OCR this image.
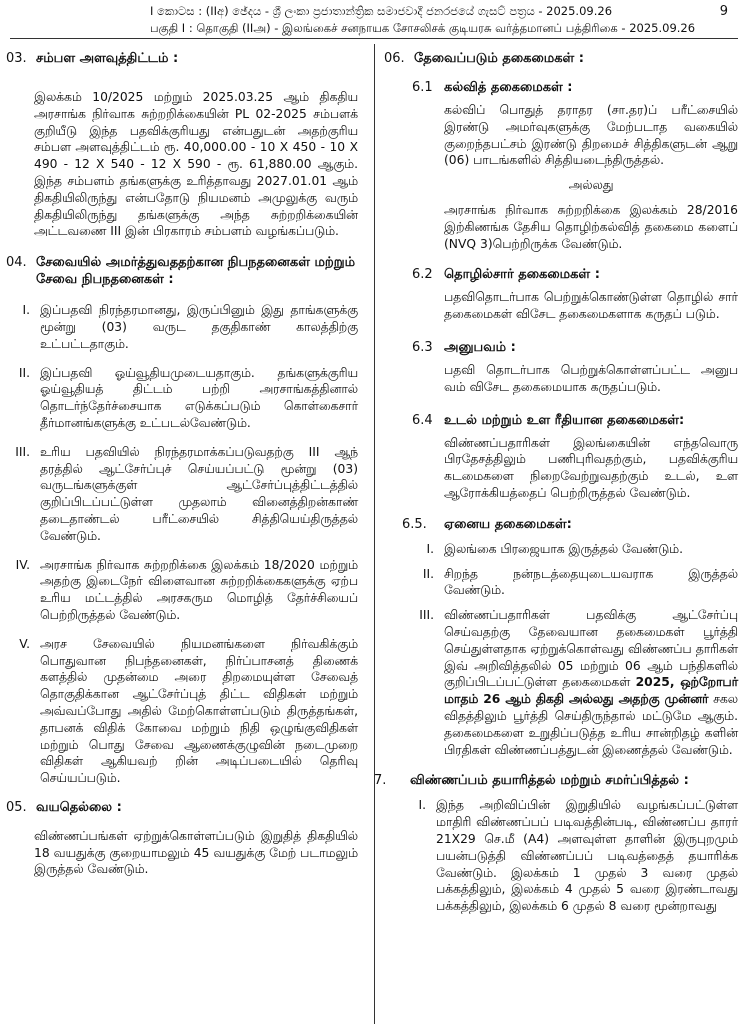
I කොටස : (IIඅ) ඡේදය - ශ්‍රී ලංකා ප්‍රජාතාන්ත්‍රික සමාජවාදී ජනරජයේ ගැසට් පත්‍රය - 2025.09.26
பகுதி I : தொகுதி (IIஅ) - இலங்கைச் சனநாயக சோசலிசக் குடியரசு வர்த்தமானப் பத்திரிகை - 2025.09.26
9
03. சம்பள அளவுத்திட்டம் :

இலக்கம் 10/2025 மற்றும் 2025.03.25 ஆம் திகதிய அரசாங்க நிர்வாக சுற்றறிக்கையின் PL 02-2025 சம்பளக் குறியீடு இந்த பதவிக்குரியது என்பதுடன் அதற்குரிய சம்பள அளவுத்திட்டம் ரூ. 40,000.00 - 10 X 450 - 10 X 490 - 12 X 540 - 12 X 590 - ரூ. 61,880.00 ஆகும். இந்த சம்பளம் தங்களுக்கு உரித்தாவது 2027.01.01 ஆம் திகதியிலிருந்து என்பதோடு நியமனம் அமுலுக்கு வரும் திகதியிலிருந்து தங்களுக்கு அந்த சுற்றறிக்கையின் அட்டவணை III இன் பிரகாரம் சம்பளம் வழங்கப்படும்.

04. சேவையில் அமர்த்துவததற்கான நிபநதனைகள் மற்றும் சேவை நிபநதனைகள் :
I. இப்பதவி நிரந்தரமானது, இருப்பினும் இது தாங்களுக்கு மூன்று (03) வருட தகுதிகாண் காலத்திற்கு உட்பட்டதாகும்.
II. இப்பதவி ஓய்வூதியமுடையதாகும். தங்களுக்குரிய ஓய்வூதியத் திட்டம் பற்றி அரசாங்கத்தினால் தொடர்ந்தேர்ச்சையாக எடுக்கப்படும் கொள்கைசார் தீர்மானங்களுக்கு உட்படல்வேண்டும்.
III. உரிய பதவியில் நிரந்தரமாக்கப்படுவதற்கு III ஆந் தரத்தில் ஆட்சேர்ப்புச் செய்யப்பட்டு மூன்று (03) வருடங்களுக்குள் ஆட்சேர்ப்புத்திட்டத்தில் குறிப்பிடப்பட்டுள்ள முதலாம் வினைத்திறன்காண் தடைதாண்டல் பரீட்சையில் சித்தியெய்திருத்தல் வேண்டும்.
IV. அரசாங்க நிர்வாக சுற்றறிக்கை இலக்கம் 18/2020 மற்றும் அதற்கு இடைநேர் விளைவான சுற்றறிக்கைகளுக்கு ஏற்ப உரிய மட்டத்தில் அரசகரும மொழித் தேர்ச்சியைப் பெற்றிருத்தல் வேண்டும்.
V. அரச சேவையில் நியமனங்களை நிர்வகிக்கும் பொதுவான நிபந்தனைகள், நிர்ப்பாசனத் திணைக் களத்தில் முதன்மை அரை திறமையுள்ள சேவைத் தொகுதிக்கான ஆட்சேர்ப்புத் திட்ட விதிகள் மற்றும் அவ்வப்போது அதில் மேற்கொள்ளப்படும் திருத்தங்கள், தாபனக் விதிக் கோவை மற்றும் நிதி ஒழுங்குவிதிகள் மற்றும் பொது சேவை ஆணைக்குழுவின் நடைமுறை விதிகள் ஆகியவற் றின் அடிப்படையில் தெரிவு செய்யப்படும்.
05. வயதெல்லை :

விண்ணப்பங்கள் ஏற்றுக்கொள்ளப்படும் இறுதித் திகதியில் 18 வயதுக்கு குறையாமலும் 45 வயதுக்கு மேற் படாமலும் இருத்தல் வேண்டும்.

06. தேவைப்படும் தகைமைகள் :
6.1 கல்வித் தகைமைகள் :

கல்விப் பொதுத் தராதர (சா.தர)ப் பரீட்சையில் இரண்டு அமர்வுகளுக்கு மேற்படாத வகையில் குறைந்தபட்சம் இரண்டு திறமைச் சித்திகளுடன் ஆறு (06) பாடங்களில் சித்தியடைந்திருத்தல்.

அல்லது

அரசாங்க நிர்வாக சுற்றறிக்கை இலக்கம் 28/2016 இற்கிணங்க தேசிய தொழிற்கல்வித் தகைமை களைப் (NVQ 3)பெற்றிருக்க வேண்டும்.

6.2 தொழில்சார் தகைமைகள் :

பதவிதொடர்பாக பெற்றுக்கொண்டுள்ள தொழில் சார் தகைமைகள் விசேட தகைமைகளாக கருதப் படும்.

6.3 அனுபவம் :

பதவி தொடர்பாக பெற்றுக்கொள்ளப்பட்ட அனுப வம் விசேட தகைமையாக கருதப்படும்.

6.4 உடல் மற்றும் உள ரீதியான தகைமைகள்:

விண்ணப்பதாரிகள் இலங்கையின் எந்தவொரு பிரதேசத்திலும் பணிபுரிவதற்கும், பதவிக்குரிய கடமைகளை நிறைவேற்றுவதற்கும் உடல், உள ஆரோக்கியத்தைப் பெற்றிருத்தல் வேண்டும்.

6.5.	ஏனைய தகைமைகள்:
I. இலங்கை பிரஜையாக இருத்தல் வேண்டும்.
II. சிறந்த நன்நடத்தையுடையவராக இருத்தல் வேண்டும்.
III. விண்ணப்பதாரிகள் பதவிக்கு ஆட்சேர்ப்பு செய்வதற்கு தேவையான தகைமைகள் பூர்த்தி செய்துள்ளதாக ஏற்றுக்கொள்வது விண்ணப்ப தாரிகள் இவ் அறிவித்தலில் 05 மற்றும் 06 ஆம் பந்திகளில் குறிப்பிடப்பட்டுள்ள தகைமைகள் 2025, ஒற்றோபர் மாதம் 26 ஆம் திகதி அல்லது அதற்கு முன்னர் சகல விதத்திலும் பூர்த்தி செய்திருந்தால் மட்டுமே ஆகும். தகைமைகளை உறுதிப்படுத்த உரிய சான்றிதழ் களின் பிரதிகள் விண்ணப்பத்துடன் இணைத்தல் வேண்டும்.
7.	விண்ணப்பம் தயாரித்தல் மற்றும் சமர்ப்பித்தல் :
I. இந்த அறிவிப்பின் இறுதியில் வழங்கப்பட்டுள்ள மாதிரி விண்ணப்பப் படிவத்தின்படி, விண்ணப்ப தாரர் 21X29 செ.மீ (A4) அளவுள்ள தாளின் இருபுறமும் பயன்படுத்தி விண்ணப்பப் படிவத்தைத் தயாரிக்க வேண்டும். இலக்கம் 1 முதல் 3 வரை முதல் பக்கத்திலும், இலக்கம் 4 முதல் 5 வரை இரண்டாவது பக்கத்திலும், இலக்கம் 6 முதல் 8 வரை மூன்றாவது
